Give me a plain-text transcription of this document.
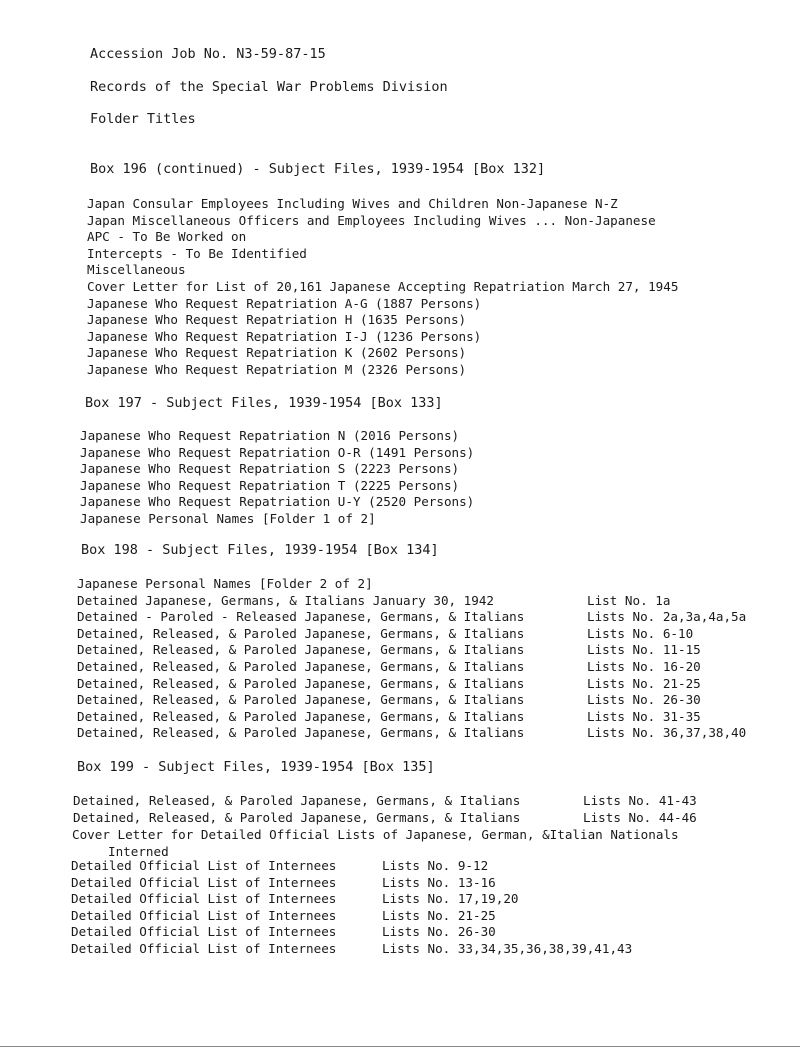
Accession Job No. N3-59-87-15
Records of the Special War Problems Division
Folder Titles
Box 196 (continued) - Subject Files, 1939-1954 [Box 132]
Japan Consular Employees Including Wives and Children Non-Japanese N-Z
Japan Miscellaneous Officers and Employees Including Wives ... Non-Japanese
APC - To Be Worked on
Intercepts - To Be Identified
Miscellaneous
Cover Letter for List of 20,161 Japanese Accepting Repatriation March 27, 1945
Japanese Who Request Repatriation A-G (1887 Persons)
Japanese Who Request Repatriation H (1635 Persons)
Japanese Who Request Repatriation I-J (1236 Persons)
Japanese Who Request Repatriation K (2602 Persons)
Japanese Who Request Repatriation M (2326 Persons)
Box 197 - Subject Files, 1939-1954 [Box 133]
Japanese Who Request Repatriation N (2016 Persons)
Japanese Who Request Repatriation O-R (1491 Persons)
Japanese Who Request Repatriation S (2223 Persons)
Japanese Who Request Repatriation T (2225 Persons)
Japanese Who Request Repatriation U-Y (2520 Persons)
Japanese Personal Names [Folder 1 of 2]
Box 198 - Subject Files, 1939-1954 [Box 134]
Japanese Personal Names [Folder 2 of 2]
Detained Japanese, Germans, & Italians January 30, 1942	List No. 1a
Detained - Paroled - Released Japanese, Germans, & Italians	Lists No. 2a,3a,4a,5a
Detained, Released, & Paroled Japanese, Germans, & Italians	Lists No. 6-10
Detained, Released, & Paroled Japanese, Germans, & Italians	Lists No. 11-15
Detained, Released, & Paroled Japanese, Germans, & Italians	Lists No. 16-20
Detained, Released, & Paroled Japanese, Germans, & Italians	Lists No. 21-25
Detained, Released, & Paroled Japanese, Germans, & Italians	Lists No. 26-30
Detained, Released, & Paroled Japanese, Germans, & Italians	Lists No. 31-35
Detained, Released, & Paroled Japanese, Germans, & Italians	Lists No. 36,37,38,40
Box 199 - Subject Files, 1939-1954 [Box 135]
Detained, Released, & Paroled Japanese, Germans, & Italians	Lists No. 41-43
Detained, Released, & Paroled Japanese, Germans, & Italians	Lists No. 44-46
Cover Letter for Detailed Official Lists of Japanese, German, &Italian Nationals
Interned
Detailed Official List of Internees	Lists No. 9-12
Detailed Official List of Internees	Lists No. 13-16
Detailed Official List of Internees	Lists No. 17,19,20
Detailed Official List of Internees	Lists No. 21-25
Detailed Official List of Internees	Lists No. 26-30
Detailed Official List of Internees	Lists No. 33,34,35,36,38,39,41,43
